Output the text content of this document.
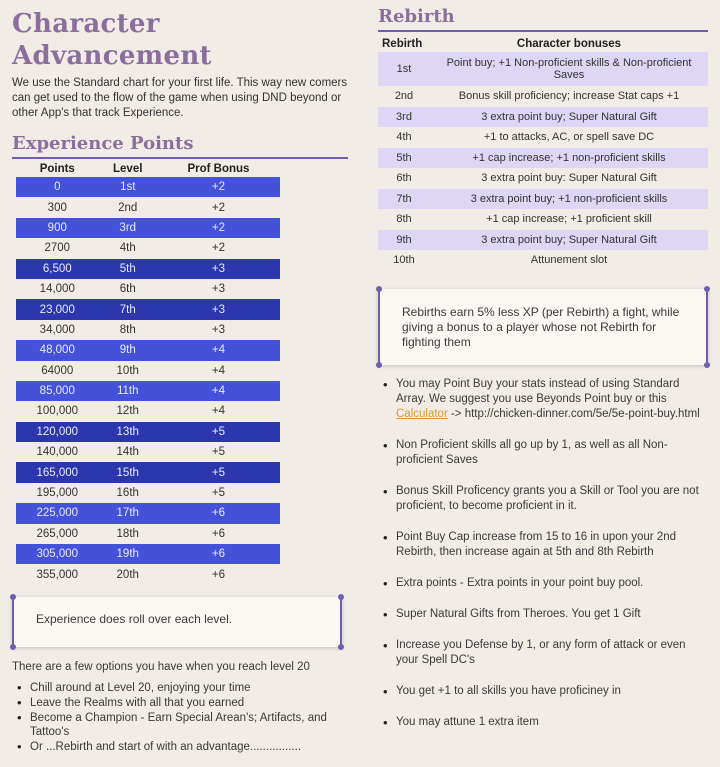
Character Advancement
We use the Standard chart for your first life. This way new comers can get used to the flow of the game when using DND beyond or other App's that track Experience.
Experience Points
Points	Level	Prof Bonus
0	1st	+2
300	2nd	+2
900	3rd	+2
2700	4th	+2
6,500	5th	+3
14,000	6th	+3
23,000	7th	+3
34,000	8th	+3
48,000	9th	+4
64000	10th	+4
85,000	11th	+4
100,000	12th	+4
120,000	13th	+5
140,000	14th	+5
165,000	15th	+5
195,000	16th	+5
225,000	17th	+6
265,000	18th	+6
305,000	19th	+6
355,000	20th	+6
Experience does roll over each level.
There are a few options you have when you reach level 20
• Chill around at Level 20, enjoying your time
• Leave the Realms with all that you earned
• Become a Champion - Earn Special Arean's; Artifacts, and Tattoo's
• Or ...Rebirth and start of with an advantage................
Rebirth
Rebirth	Character bonuses
1st	Point buy; +1 Non-proficient skills & Non-proficient Saves
2nd	Bonus skill proficiency; increase Stat caps +1
3rd	3 extra point buy; Super Natural Gift
4th	+1 to attacks, AC, or spell save DC
5th	+1 cap increase; +1 non-proficient skills
6th	3 extra point buy: Super Natural Gift
7th	3 extra point buy; +1 non-proficient skills
8th	+1 cap increase; +1 proficient skill
9th	3 extra point buy; Super Natural Gift
10th	Attunement slot
Rebirths earn 5% less XP (per Rebirth) a fight, while giving a bonus to a player whose not Rebirth for fighting them
• You may Point Buy your stats instead of using Standard Array. We suggest you use Beyonds Point buy or this Calculator -> http://chicken-dinner.com/5e/5e-point-buy.html
• Non Proficient skills all go up by 1, as well as all Non-proficient Saves
• Bonus Skill Proficency grants you a Skill or Tool you are not proficient, to become proficient in it.
• Point Buy Cap increase from 15 to 16 in upon your 2nd Rebirth, then increase again at 5th and 8th Rebirth
• Extra points - Extra points in your point buy pool.
• Super Natural Gifts from Theroes. You get 1 Gift
• Increase you Defense by 1, or any form of attack or even your Spell DC's
• You get +1 to all skills you have proficiney in
• You may attune 1 extra item
